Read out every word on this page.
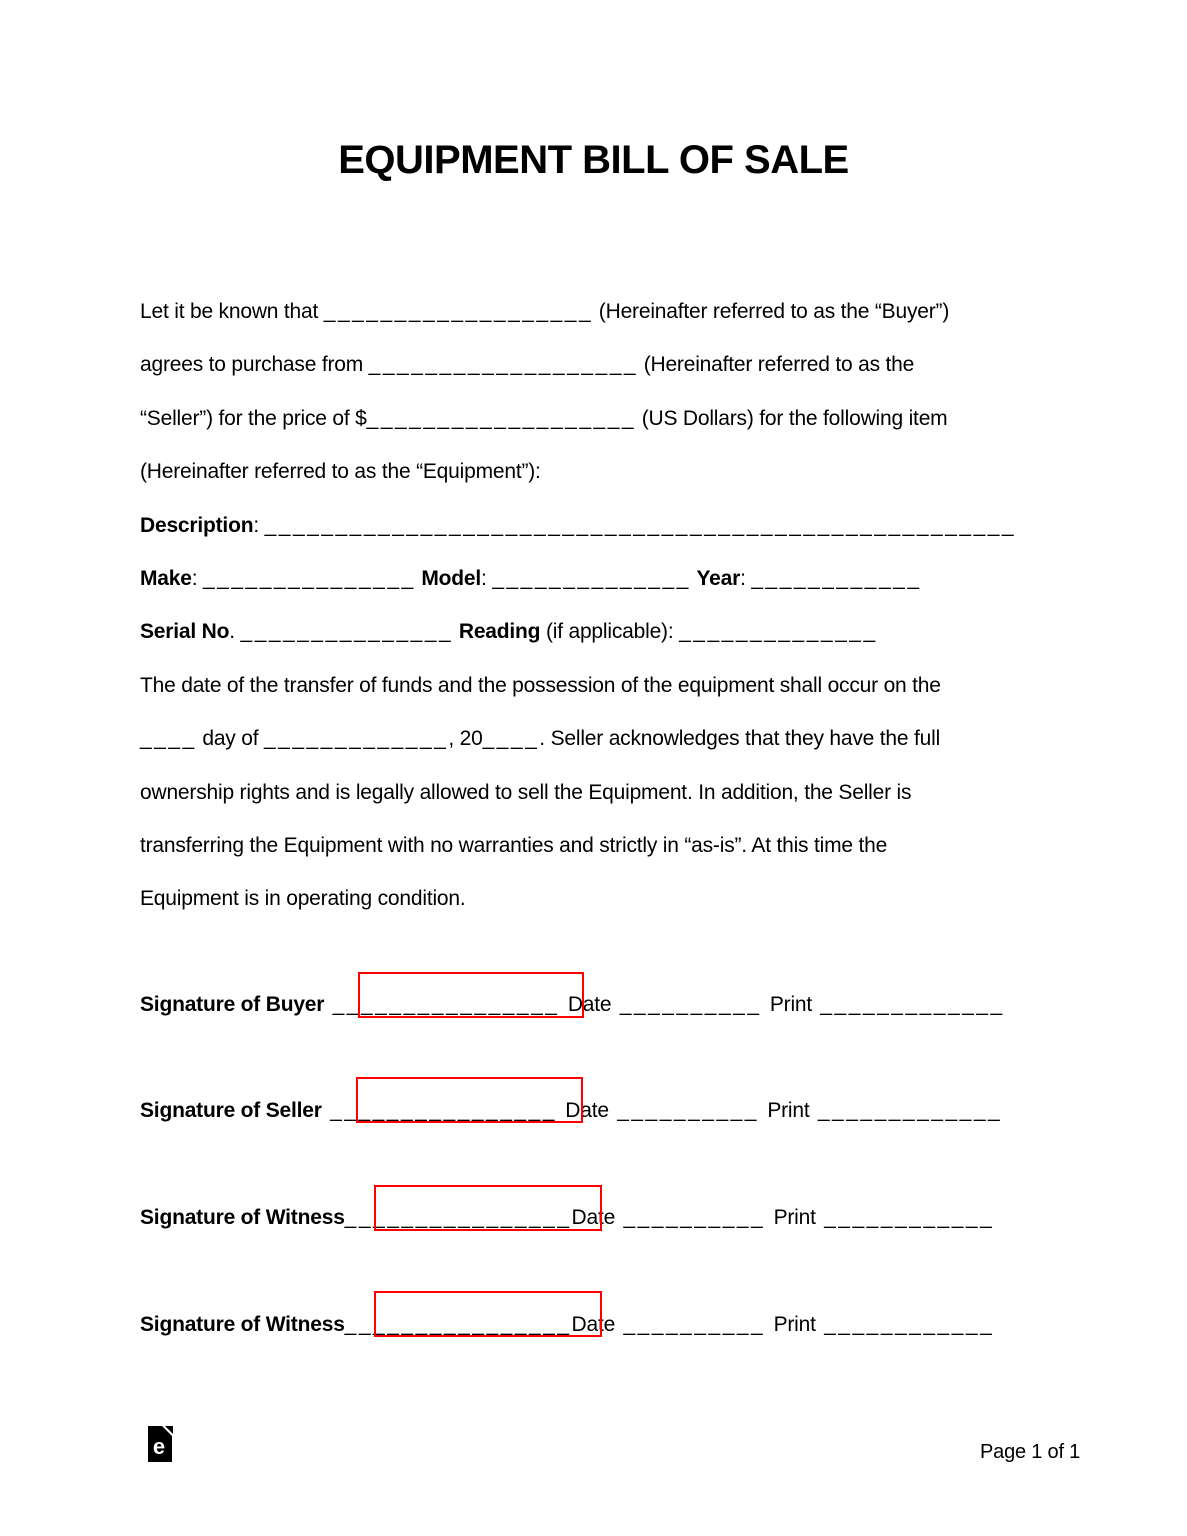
EQUIPMENT BILL OF SALE
Let it be known that ___________________ (Hereinafter referred to as the “Buyer”)
agrees to purchase from ___________________ (Hereinafter referred to as the
“Seller”) for the price of $___________________ (US Dollars) for the following item
(Hereinafter referred to as the “Equipment”):
Description: _____________________________________________________
Make: _______________ Model: ______________ Year: ____________
Serial No. _______________ Reading (if applicable): ______________
The date of the transfer of funds and the possession of the equipment shall occur on the
____ day of _____________, 20____. Seller acknowledges that they have the full
ownership rights and is legally allowed to sell the Equipment. In addition, the Seller is
transferring the Equipment with no warranties and strictly in “as-is”. At this time the
Equipment is in operating condition.
Signature of Buyer ________________ Date __________ Print _____________
Signature of Seller ________________ Date __________ Print _____________
Signature of Witness________________Date __________ Print ____________
Signature of Witness________________Date __________ Print ____________
e	Page 1 of 1
